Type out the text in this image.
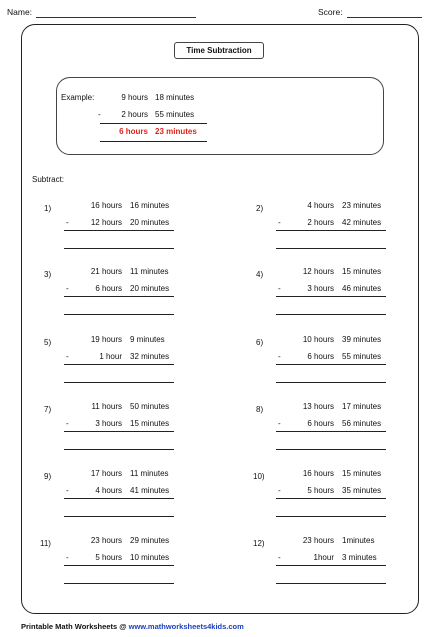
Name:	Score:
Time Subtraction
Example:	9 hours 18 minutes
-	2 hours 55 minutes
6 hours 23 minutes
Subtract:
1)	16 hours 16 minutes
-	12 hours 20 minutes
2)	4 hours 23 minutes
-	2 hours 42 minutes
3)	21 hours 11 minutes
-	6 hours 20 minutes
4)	12 hours 15 minutes
-	3 hours 46 minutes
5)	19 hours 9 minutes
-	1 hour 32 minutes
6)	10 hours 39 minutes
-	6 hours 55 minutes
7)	11 hours 50 minutes
-	3 hours 15 minutes
8)	13 hours 17 minutes
-	6 hours 56 minutes
9)	17 hours 11 minutes
-	4 hours 41 minutes
10)	16 hours 15 minutes
-	5 hours 35 minutes
11)	23 hours 29 minutes
-	5 hours 10 minutes
12)	23 hours 1minutes
-	1hour 3 minutes
Printable Math Worksheets @ www.mathworksheets4kids.com
